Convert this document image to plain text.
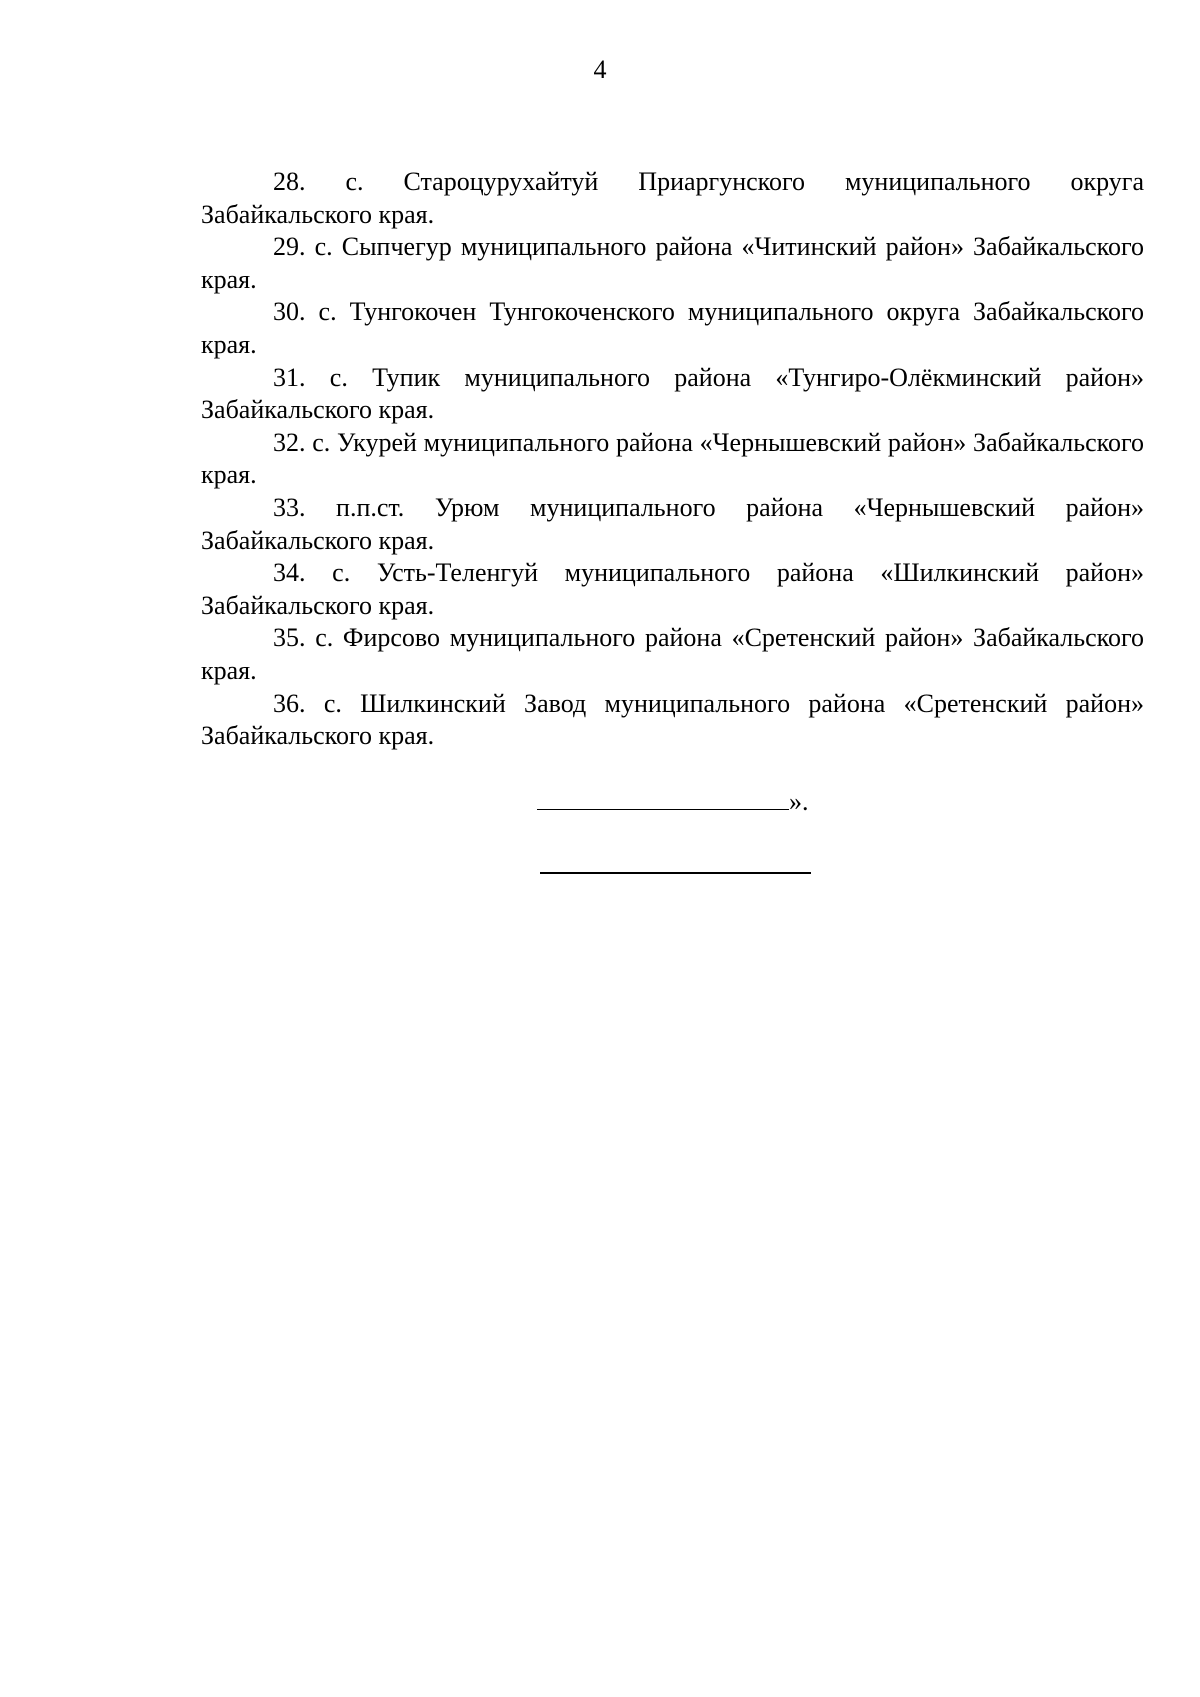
4

28. с. Староцурухайтуй Приаргунского муниципального округа Забайкальского края.

29. с. Сыпчегур муниципального района «Читинский район» Забайкальского края.

30. с. Тунгокочен Тунгокоченского муниципального округа Забайкальского края.

31. с. Тупик муниципального района «Тунгиро-Олёкминский район» Забайкальского края.

32. с. Укурей муниципального района «Чернышевский район» Забайкальского края.

33. п.п.ст. Урюм муниципального района «Чернышевский район» Забайкальского края.

34. с. Усть-Теленгуй муниципального района «Шилкинский район» Забайкальского края.

35. с. Фирсово муниципального района «Сретенский район» Забайкальского края.

36. с. Шилкинский Завод муниципального района «Сретенский район» Забайкальского края.

».
